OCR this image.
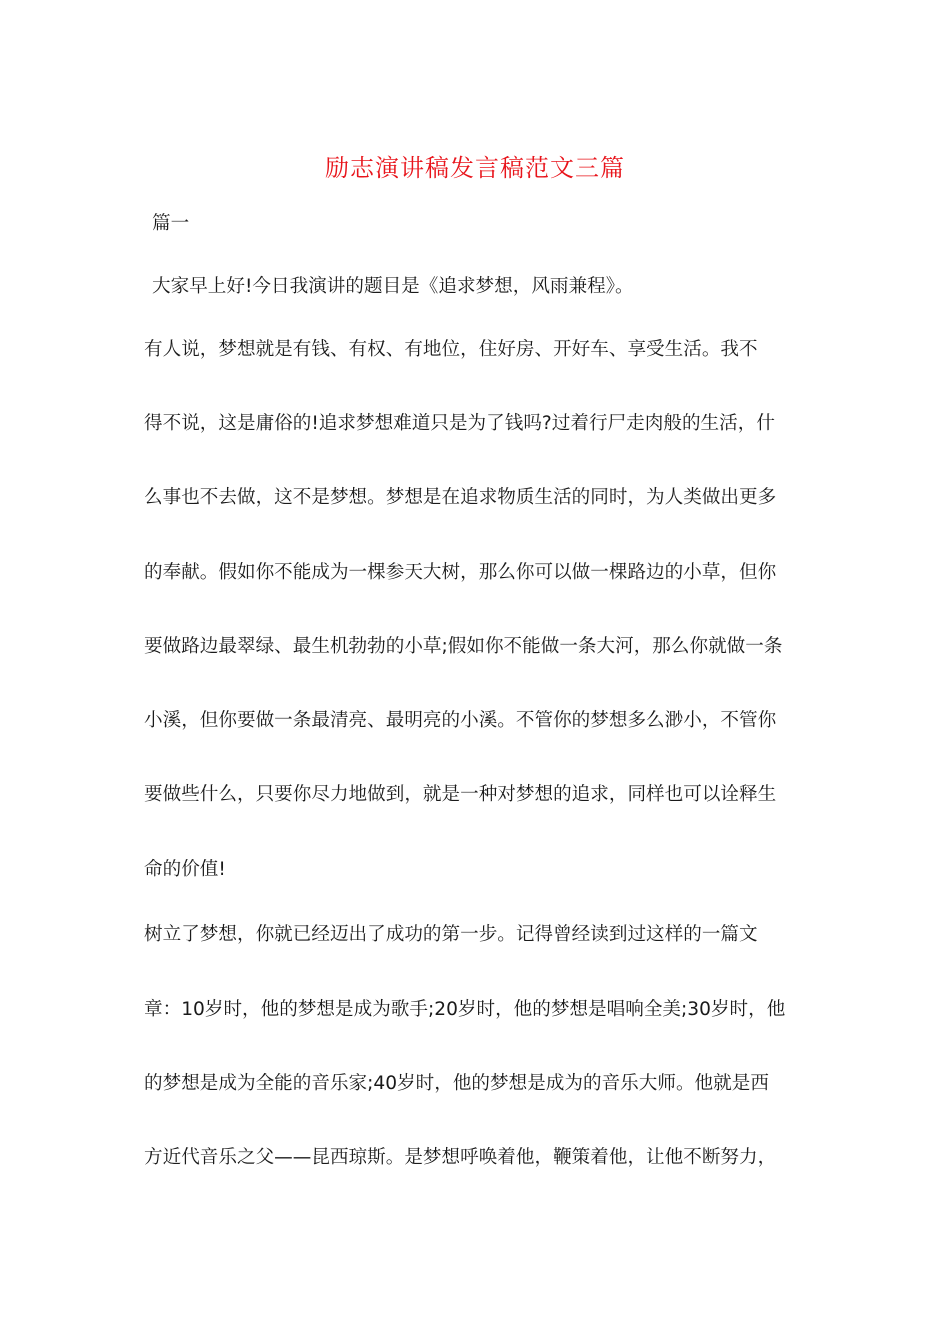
励志演讲稿发言稿范文三篇
篇一
大家早上好!今日我演讲的题目是《追求梦想，风雨兼程》。
有人说，梦想就是有钱、有权、有地位，住好房、开好车、享受生活。我不
得不说，这是庸俗的!追求梦想难道只是为了钱吗?过着行尸走肉般的生活，什
么事也不去做，这不是梦想。梦想是在追求物质生活的同时，为人类做出更多
的奉献。假如你不能成为一棵参天大树，那么你可以做一棵路边的小草，但你
要做路边最翠绿、最生机勃勃的小草;假如你不能做一条大河，那么你就做一条
小溪，但你要做一条最清亮、最明亮的小溪。不管你的梦想多么渺小，不管你
要做些什么，只要你尽力地做到，就是一种对梦想的追求，同样也可以诠释生
命的价值!
树立了梦想，你就已经迈出了成功的第一步。记得曾经读到过这样的一篇文
章：10岁时，他的梦想是成为歌手;20岁时，他的梦想是唱响全美;30岁时，他
的梦想是成为全能的音乐家;40岁时，他的梦想是成为的音乐大师。他就是西
方近代音乐之父——昆西琼斯。是梦想呼唤着他，鞭策着他，让他不断努力，
